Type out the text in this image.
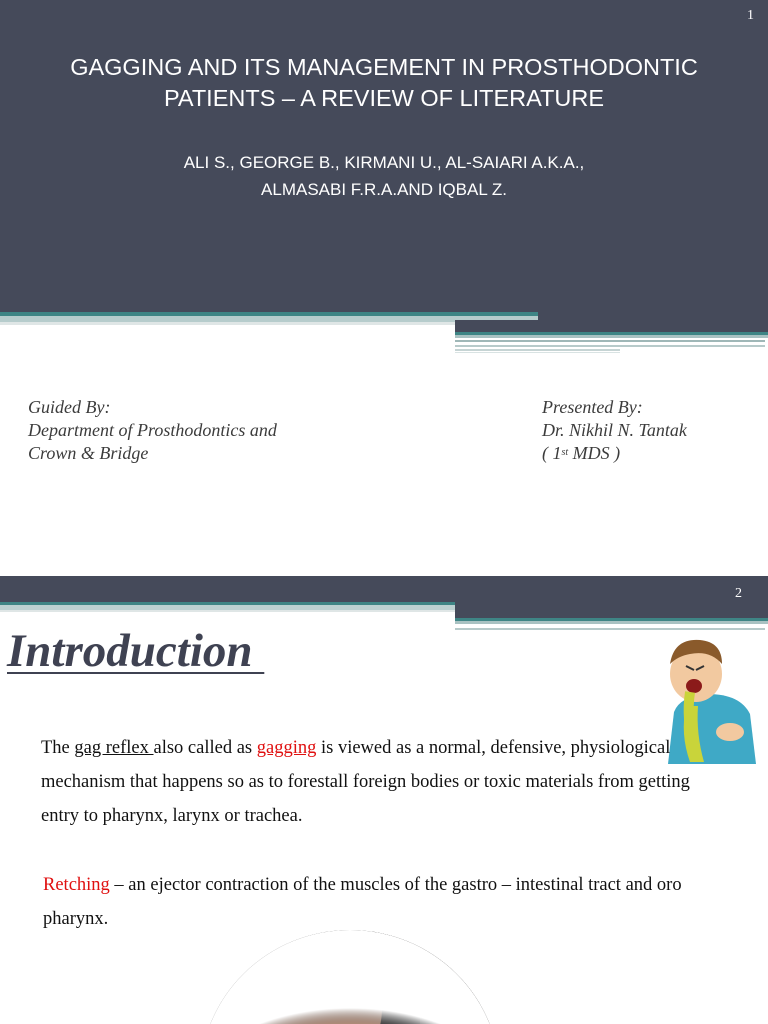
1
GAGGING AND ITS MANAGEMENT IN PROSTHODONTIC PATIENTS – A REVIEW OF LITERATURE
ALI S., GEORGE B., KIRMANI U., AL-SAIARI A.K.A.,
ALMASABI F.R.A.AND IQBAL Z.
Guided By:
Department of Prosthodontics and
Crown & Bridge
Presented By:
Dr. Nikhil N. Tantak
( 1st MDS )
2
Introduction
The gag reflex also called as gagging is viewed as a normal, defensive, physiological mechanism that happens so as to forestall foreign bodies or toxic materials from getting entry to pharynx, larynx or trachea.
Retching – an ejector contraction of the muscles of the gastro – intestinal tract and oro pharynx.
